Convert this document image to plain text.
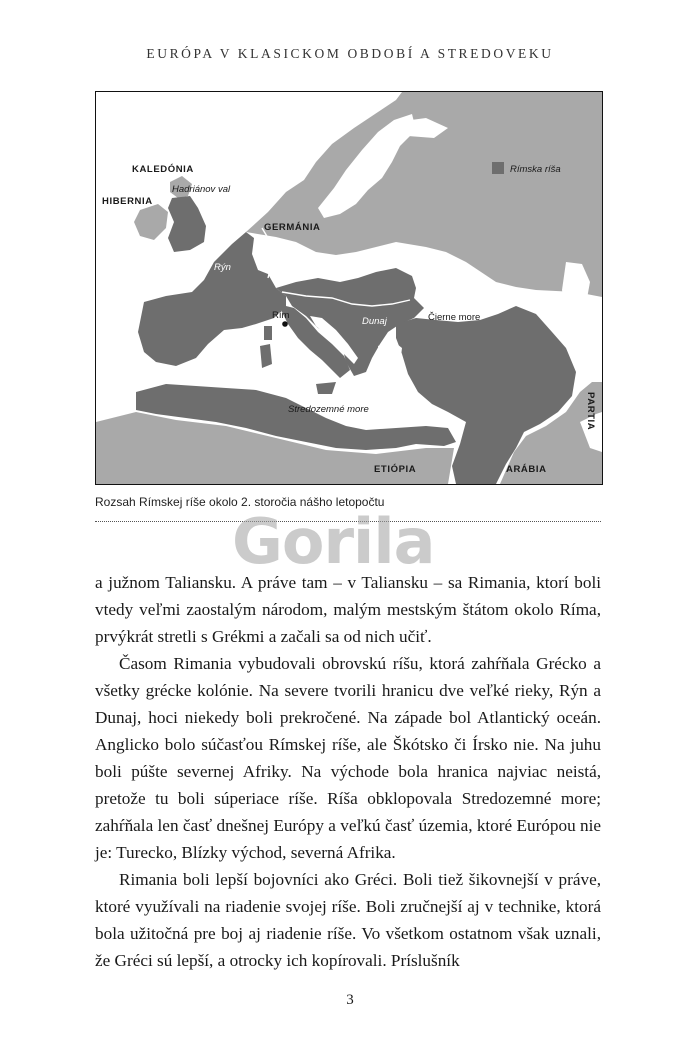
EURÓPA V KLASICKOM OBDOBÍ A STREDOVEKU
Rímska ríša
KALEDÓNIA
HIBERNIA
Hadriánov val
GERMÁNIA
Rýn
Rím
Dunaj	Čierne more
Stredozemné more	PARTIA
ETIÓPIA	ARÁBIA
Rozsah Rímskej ríše okolo 2. storočia nášho letopočtu
Gorila

a južnom Taliansku. A práve tam – v Taliansku – sa Rimania, ktorí boli vtedy veľmi zaostalým národom, malým mestským štátom okolo Ríma, prvýkrát stretli s Grékmi a začali sa od nich učiť.

Časom Rimania vybudovali obrovskú ríšu, ktorá zahŕňala Grécko a všetky grécke kolónie. Na severe tvorili hranicu dve veľké rieky, Rýn a Dunaj, hoci niekedy boli prekročené. Na západe bol Atlantický oceán. Anglicko bolo súčasťou Rímskej ríše, ale Škótsko či Írsko nie. Na juhu boli púšte severnej Afriky. Na východe bola hranica najviac neistá, pretože tu boli súperiace ríše. Ríša obklopovala Stredozemné more; zahŕňala len časť dnešnej Európy a veľkú časť územia, ktoré Európou nie je: Turecko, Blízky východ, severná Afrika.

Rimania boli lepší bojovníci ako Gréci. Boli tiež šikovnejší v práve, ktoré využívali na riadenie svojej ríše. Boli zručnejší aj v technike, ktorá bola užitočná pre boj aj riadenie ríše. Vo všetkom ostatnom však uznali, že Gréci sú lepší, a otrocky ich kopírovali. Príslušník

3
